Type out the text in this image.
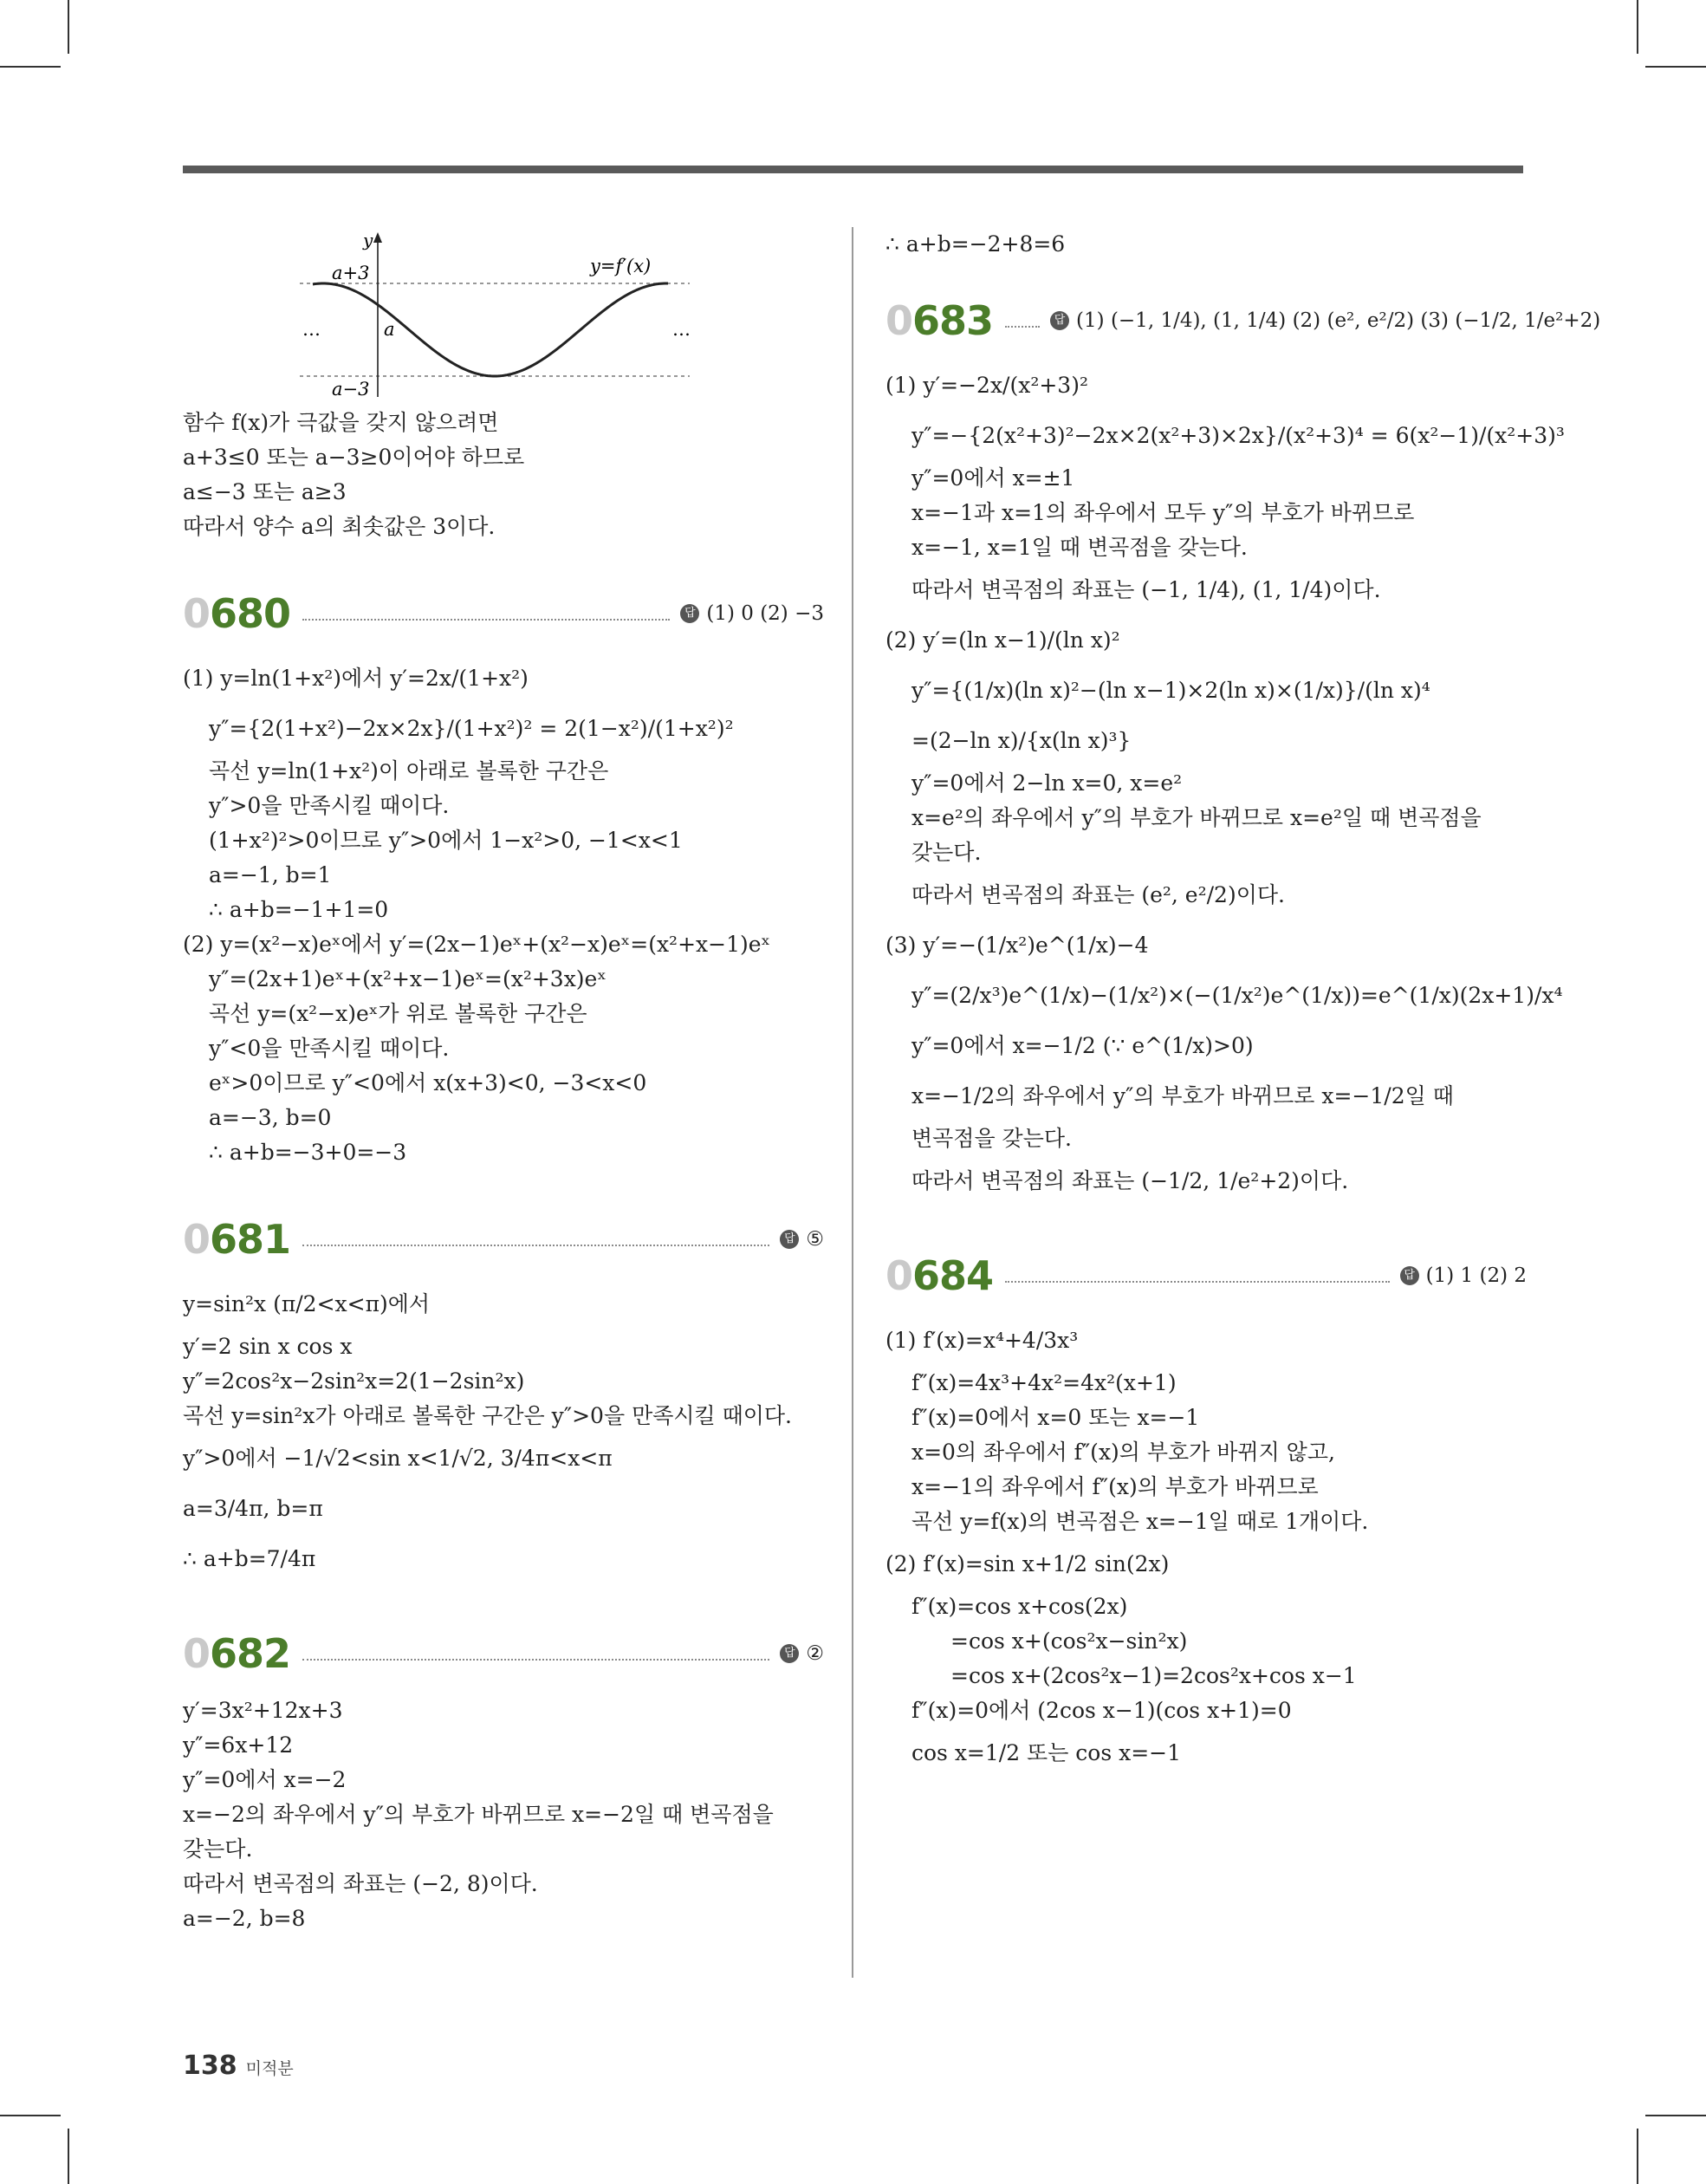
y
a+3
a
a−3
y=f′(x)
…	…
함수 f(x)가 극값을 갖지 않으려면
a+3≤0 또는 a−3≥0이어야 하므로
a≤−3 또는 a≥3
따라서 양수 a의 최솟값은 3이다.
0680	답 (1) 0 (2) −3
(1) y=ln(1+x²)에서 y′=2x/(1+x²)
y″={2(1+x²)−2x×2x}/(1+x²)² = 2(1−x²)/(1+x²)²
곡선 y=ln(1+x²)이 아래로 볼록한 구간은
y″>0을 만족시킬 때이다.
(1+x²)²>0이므로 y″>0에서 1−x²>0, −1<x<1
a=−1, b=1
∴ a+b=−1+1=0
(2) y=(x²−x)eˣ에서 y′=(2x−1)eˣ+(x²−x)eˣ=(x²+x−1)eˣ
y″=(2x+1)eˣ+(x²+x−1)eˣ=(x²+3x)eˣ
곡선 y=(x²−x)eˣ가 위로 볼록한 구간은
y″<0을 만족시킬 때이다.
eˣ>0이므로 y″<0에서 x(x+3)<0, −3<x<0
a=−3, b=0
∴ a+b=−3+0=−3
0681	답 ⑤
y=sin²x (π/2<x<π)에서
y′=2 sin x cos x
y″=2cos²x−2sin²x=2(1−2sin²x)
곡선 y=sin²x가 아래로 볼록한 구간은 y″>0을 만족시킬 때이다.
y″>0에서 −1/√2<sin x<1/√2, 3/4π<x<π
a=3/4π, b=π
∴ a+b=7/4π
0682	답 ②
y′=3x²+12x+3
y″=6x+12
y″=0에서 x=−2
x=−2의 좌우에서 y″의 부호가 바뀌므로 x=−2일 때 변곡점을
갖는다.
따라서 변곡점의 좌표는 (−2, 8)이다.
a=−2, b=8
∴ a+b=−2+8=6
0683	답 (1) (−1, 1/4), (1, 1/4) (2) (e², e²/2) (3) (−1/2, 1/e²+2)
(1) y′=−2x/(x²+3)²
y″=−{2(x²+3)²−2x×2(x²+3)×2x}/(x²+3)⁴ = 6(x²−1)/(x²+3)³
y″=0에서 x=±1
x=−1과 x=1의 좌우에서 모두 y″의 부호가 바뀌므로
x=−1, x=1일 때 변곡점을 갖는다.
따라서 변곡점의 좌표는 (−1, 1/4), (1, 1/4)이다.
(2) y′=(ln x−1)/(ln x)²
y″={(1/x)(ln x)²−(ln x−1)×2(ln x)×(1/x)}/(ln x)⁴
=(2−ln x)/{x(ln x)³}
y″=0에서 2−ln x=0, x=e²
x=e²의 좌우에서 y″의 부호가 바뀌므로 x=e²일 때 변곡점을
갖는다.
따라서 변곡점의 좌표는 (e², e²/2)이다.
(3) y′=−(1/x²)e^(1/x)−4
y″=(2/x³)e^(1/x)−(1/x²)×(−(1/x²)e^(1/x))=e^(1/x)(2x+1)/x⁴
y″=0에서 x=−1/2 (∵ e^(1/x)>0)
x=−1/2의 좌우에서 y″의 부호가 바뀌므로 x=−1/2일 때
변곡점을 갖는다.
따라서 변곡점의 좌표는 (−1/2, 1/e²+2)이다.
0684	답 (1) 1 (2) 2
(1) f′(x)=x⁴+4/3x³
f″(x)=4x³+4x²=4x²(x+1)
f″(x)=0에서 x=0 또는 x=−1
x=0의 좌우에서 f″(x)의 부호가 바뀌지 않고,
x=−1의 좌우에서 f″(x)의 부호가 바뀌므로
곡선 y=f(x)의 변곡점은 x=−1일 때로 1개이다.
(2) f′(x)=sin x+1/2 sin(2x)
f″(x)=cos x+cos(2x)
=cos x+(cos²x−sin²x)
=cos x+(2cos²x−1)=2cos²x+cos x−1
f″(x)=0에서 (2cos x−1)(cos x+1)=0
cos x=1/2 또는 cos x=−1
138 미적분
